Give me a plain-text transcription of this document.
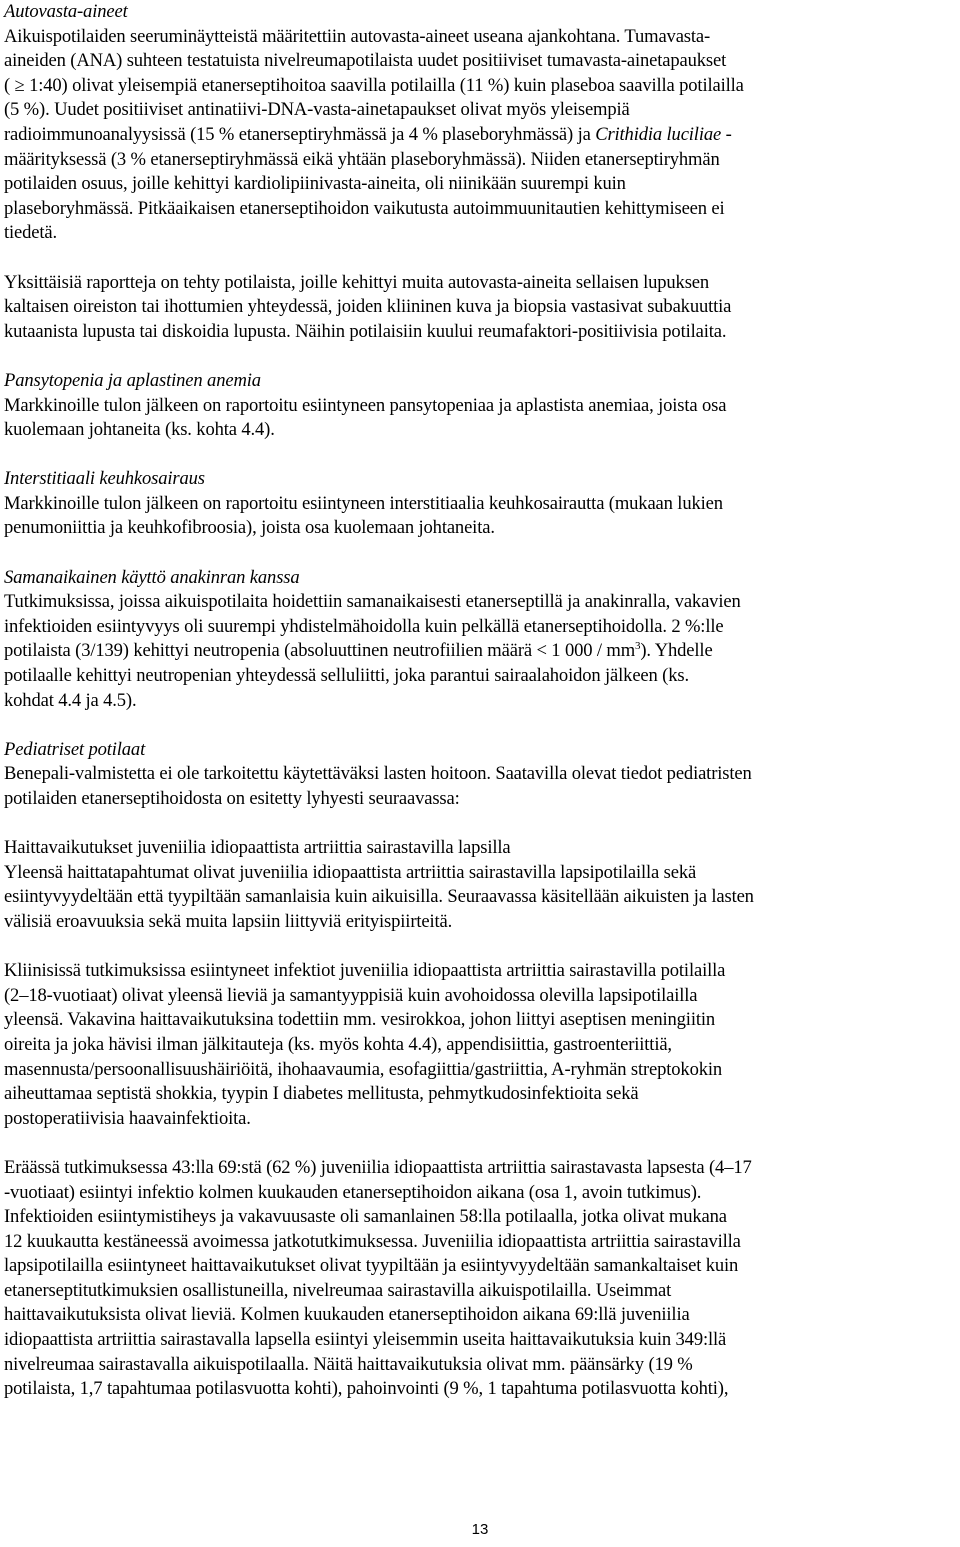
Autovasta-aineet
Aikuispotilaiden seeruminäytteistä määritettiin autovasta-aineet useana ajankohtana. Tumavasta-
aineiden (ANA) suhteen testatuista nivelreumapotilaista uudet positiiviset tumavasta-ainetapaukset
( ≥ 1:40) olivat yleisempiä etanerseptihoitoa saavilla potilailla (11 %) kuin plaseboa saavilla potilailla
(5 %). Uudet positiiviset antinatiivi-DNA-vasta-ainetapaukset olivat myös yleisempiä
radioimmunoanalyysissä (15 % etanerseptiryhmässä ja 4 % plaseboryhmässä) ja Crithidia luciliae -
määrityksessä (3 % etanerseptiryhmässä eikä yhtään plaseboryhmässä). Niiden etanerseptiryhmän
potilaiden osuus, joille kehittyi kardiolipiinivasta-aineita, oli niinikään suurempi kuin
plaseboryhmässä. Pitkäaikaisen etanerseptihoidon vaikutusta autoimmuunitautien kehittymiseen ei
tiedetä.
Yksittäisiä raportteja on tehty potilaista, joille kehittyi muita autovasta-aineita sellaisen lupuksen
kaltaisen oireiston tai ihottumien yhteydessä, joiden kliininen kuva ja biopsia vastasivat subakuuttia
kutaanista lupusta tai diskoidia lupusta. Näihin potilaisiin kuului reumafaktori-positiivisia potilaita.
Pansytopenia ja aplastinen anemia
Markkinoille tulon jälkeen on raportoitu esiintyneen pansytopeniaa ja aplastista anemiaa, joista osa
kuolemaan johtaneita (ks. kohta 4.4).
Interstitiaali keuhkosairaus
Markkinoille tulon jälkeen on raportoitu esiintyneen interstitiaalia keuhkosairautta (mukaan lukien
penumoniittia ja keuhkofibroosia), joista osa kuolemaan johtaneita.
Samanaikainen käyttö anakinran kanssa
Tutkimuksissa, joissa aikuispotilaita hoidettiin samanaikaisesti etanerseptillä ja anakinralla, vakavien
infektioiden esiintyvyys oli suurempi yhdistelmähoidolla kuin pelkällä etanerseptihoidolla. 2 %:lle
potilaista (3/139) kehittyi neutropenia (absoluuttinen neutrofiilien määrä < 1 $000 / mm^3$). Yhdelle
potilaalle kehittyi neutropenian yhteydessä selluliitti, joka parantui sairaalahoidon jälkeen (ks.
kohdat 4.4 ja 4.5).
Pediatriset potilaat
Benepali-valmistetta ei ole tarkoitettu käytettäväksi lasten hoitoon. Saatavilla olevat tiedot pediatristen
potilaiden etanerseptihoidosta on esitetty lyhyesti seuraavassa:
Haittavaikutukset juveniilia idiopaattista artriittia sairastavilla lapsilla
Yleensä haittatapahtumat olivat juveniilia idiopaattista artriittia sairastavilla lapsipotilailla sekä
esiintyvyydeltään että tyypiltään samanlaisia kuin aikuisilla. Seuraavassa käsitellään aikuisten ja lasten
välisiä eroavuuksia sekä muita lapsiin liittyviä erityispiirteitä.
Kliinisissä tutkimuksissa esiintyneet infektiot juveniilia idiopaattista artriittia sairastavilla potilailla
(2–18-vuotiaat) olivat yleensä lieviä ja samantyyppisiä kuin avohoidossa olevilla lapsipotilailla
yleensä. Vakavina haittavaikutuksina todettiin mm. vesirokkoa, johon liittyi aseptisen meningiitin
oireita ja joka hävisi ilman jälkitauteja (ks. myös kohta 4.4), appendisiittia, gastroenteriittiä,
masennusta/persoonallisuushäiriöitä, ihohaavaumia, esofagiittia/gastriittia, A-ryhmän streptokokin
aiheuttamaa septistä shokkia, tyypin I diabetes mellitusta, pehmytkudosinfektioita sekä
postoperatiivisia haavainfektioita.
Eräässä tutkimuksessa 43:lla 69:stä (62 %) juveniilia idiopaattista artriittia sairastavasta lapsesta (4–17
-vuotiaat) esiintyi infektio kolmen kuukauden etanerseptihoidon aikana (osa 1, avoin tutkimus).
Infektioiden esiintymistiheys ja vakavuusaste oli samanlainen 58:lla potilaalla, jotka olivat mukana
12 kuukautta kestäneessä avoimessa jatkotutkimuksessa. Juveniilia idiopaattista artriittia sairastavilla
lapsipotilailla esiintyneet haittavaikutukset olivat tyypiltään ja esiintyvyydeltään samankaltaiset kuin
etanerseptitutkimuksien osallistuneilla, nivelreumaa sairastavilla aikuispotilailla. Useimmat
haittavaikutuksista olivat lieviä. Kolmen kuukauden etanerseptihoidon aikana 69:llä juveniilia
idiopaattista artriittia sairastavalla lapsella esiintyi yleisemmin useita haittavaikutuksia kuin 349:llä
nivelreumaa sairastavalla aikuispotilaalla. Näitä haittavaikutuksia olivat mm. päänsärky (19 %
potilaista, 1,7 tapahtumaa potilasvuotta kohti), pahoinvointi (9 %, 1 tapahtuma potilasvuotta kohti),
13
